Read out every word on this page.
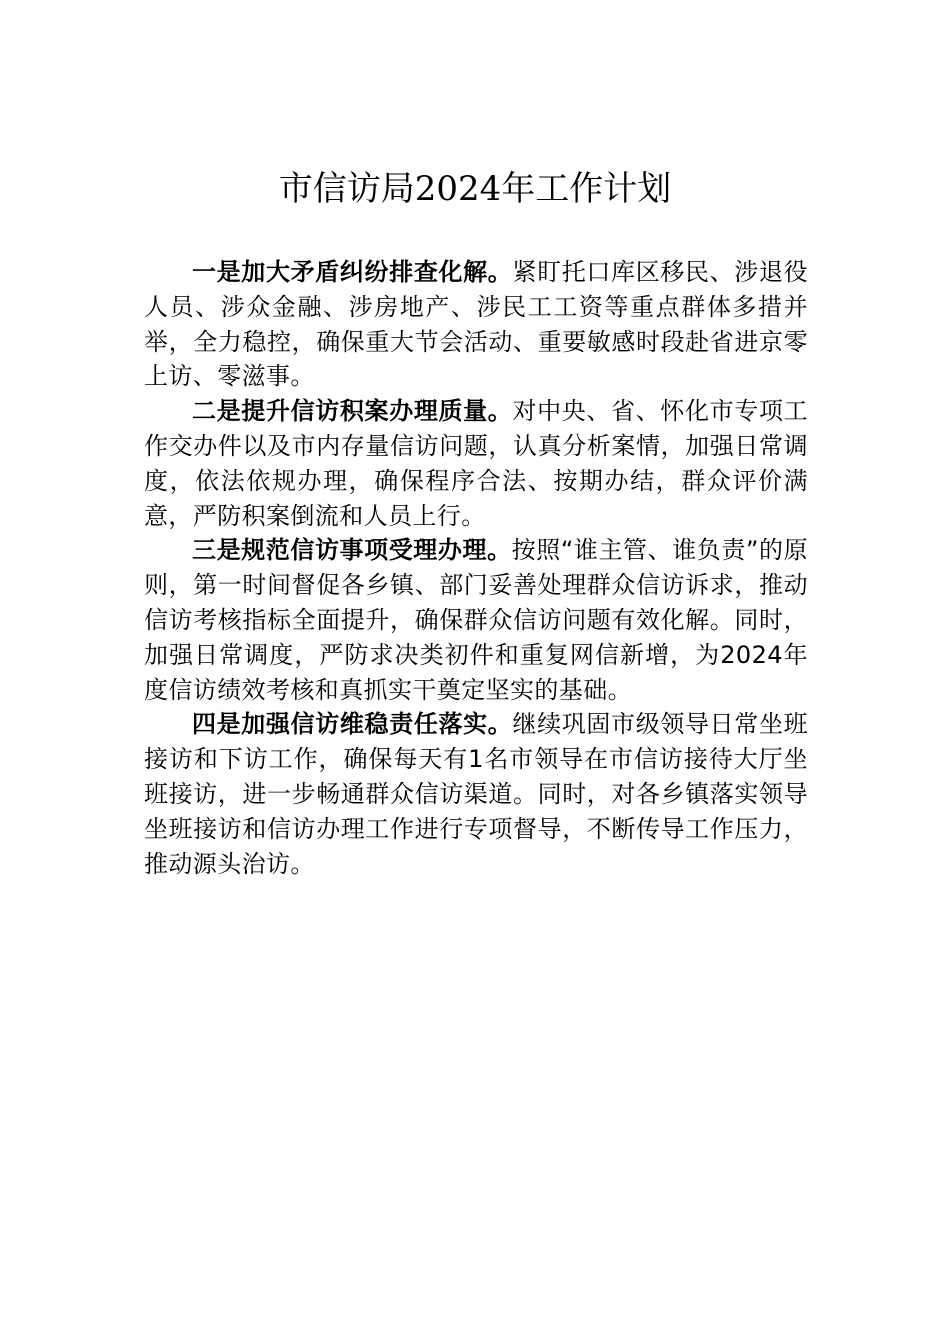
市信访局2024年工作计划

一是加大矛盾纠纷排查化解。紧盯托口库区移民、涉退役人员、涉众金融、涉房地产、涉民工工资等重点群体多措并举，全力稳控，确保重大节会活动、重要敏感时段赴省进京零上访、零滋事。

二是提升信访积案办理质量。对中央、省、怀化市专项工作交办件以及市内存量信访问题，认真分析案情，加强日常调度，依法依规办理，确保程序合法、按期办结，群众评价满意，严防积案倒流和人员上行。

三是规范信访事项受理办理。按照“谁主管、谁负责”的原则，第一时间督促各乡镇、部门妥善处理群众信访诉求，推动信访考核指标全面提升，确保群众信访问题有效化解。同时，加强日常调度，严防求决类初件和重复网信新增，为2024年度信访绩效考核和真抓实干奠定坚实的基础。

四是加强信访维稳责任落实。继续巩固市级领导日常坐班接访和下访工作，确保每天有1名市领导在市信访接待大厅坐班接访，进一步畅通群众信访渠道。同时，对各乡镇落实领导坐班接访和信访办理工作进行专项督导，不断传导工作压力，推动源头治访。
